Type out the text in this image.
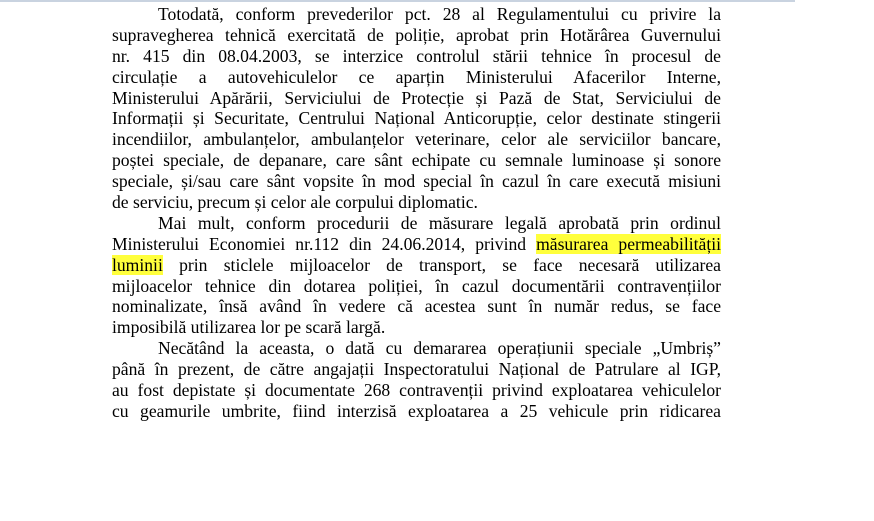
Totodată, conform prevederilor pct. 28 al Regulamentului cu privire la
supravegherea tehnică exercitată de poliție, aprobat prin Hotărârea Guvernului
nr. 415 din 08.04.2003, se interzice controlul stării tehnice în procesul de
circulație a autovehiculelor ce aparțin Ministerului Afacerilor Interne,
Ministerului Apărării, Serviciului de Protecție și Pază de Stat, Serviciului de
Informații și Securitate, Centrului Național Anticorupție, celor destinate stingerii
incendiilor, ambulanțelor, ambulanțelor veterinare, celor ale serviciilor bancare,
poștei speciale, de depanare, care sânt echipate cu semnale luminoase și sonore
speciale, și/sau care sânt vopsite în mod special în cazul în care execută misiuni
de serviciu, precum și celor ale corpului diplomatic.
Mai mult, conform procedurii de măsurare legală aprobată prin ordinul
Ministerului Economiei nr.112 din 24.06.2014, privind măsurarea permeabilității
luminii prin sticlele mijloacelor de transport, se face necesară utilizarea
mijloacelor tehnice din dotarea poliției, în cazul documentării contravențiilor
nominalizate, însă având în vedere că acestea sunt în număr redus, se face
imposibilă utilizarea lor pe scară largă.
Necătând la aceasta, o dată cu demararea operațiunii speciale „Umbriș”
până în prezent, de către angajații Inspectoratului Național de Patrulare al IGP,
au fost depistate și documentate 268 contravenții privind exploatarea vehiculelor
cu geamurile umbrite, fiind interzisă exploatarea a 25 vehicule prin ridicarea
